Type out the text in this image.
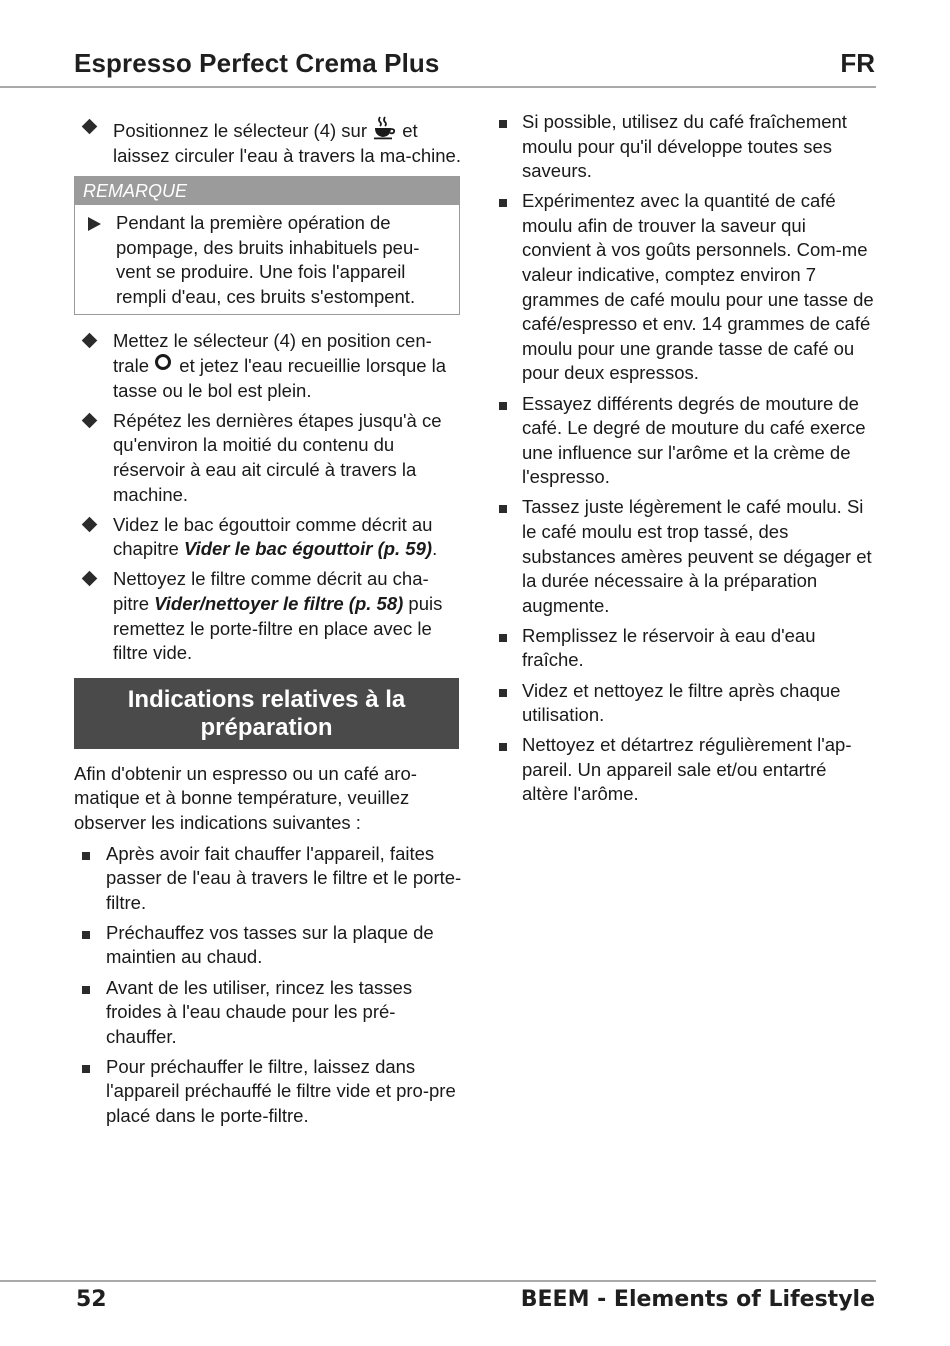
Espresso Perfect Crema Plus	FR
Positionnez le sélecteur (4) sur  et laissez circuler l'eau à travers la ma-chine.
REMARQUE
Pendant la première opération de pompage, des bruits inhabituels peu-vent se produire. Une fois l'appareil rempli d'eau, ces bruits s'estompent.
Mettez le sélecteur (4) en position cen-trale  et jetez l'eau recueillie lorsque la tasse ou le bol est plein.
Répétez les dernières étapes jusqu'à ce qu'environ la moitié du contenu du réservoir à eau ait circulé à travers la machine.
Videz le bac égouttoir comme décrit au chapitre Vider le bac égouttoir (p. 59).
Nettoyez le filtre comme décrit au cha-pitre Vider/nettoyer le filtre (p. 58) puis remettez le porte-filtre en place avec le filtre vide.
Indications relatives à la préparation
Afin d'obtenir un espresso ou un café aro-matique et à bonne température, veuillez observer les indications suivantes :
Après avoir fait chauffer l'appareil, faites passer de l'eau à travers le filtre et le porte-filtre.
Préchauffez vos tasses sur la plaque de maintien au chaud.
Avant de les utiliser, rincez les tasses froides à l'eau chaude pour les pré-chauffer.
Pour préchauffer le filtre, laissez dans l'appareil préchauffé le filtre vide et pro-pre placé dans le porte-filtre.
Si possible, utilisez du café fraîchement moulu pour qu'il développe toutes ses saveurs.
Expérimentez avec la quantité de café moulu afin de trouver la saveur qui convient à vos goûts personnels. Com-me valeur indicative, comptez environ 7 grammes de café moulu pour une tasse de café/espresso et env. 14 grammes de café moulu pour une grande tasse de café ou pour deux espressos.
Essayez différents degrés de mouture de café. Le degré de mouture du café exerce une influence sur l'arôme et la crème de l'espresso.
Tassez juste légèrement le café moulu. Si le café moulu est trop tassé, des substances amères peuvent se dégager et la durée nécessaire à la préparation augmente.
Remplissez le réservoir à eau d'eau fraîche.
Videz et nettoyez le filtre après chaque utilisation.
Nettoyez et détartrez régulièrement l'ap-pareil. Un appareil sale et/ou entartré altère l'arôme.
52	BEEM - Elements of Lifestyle
